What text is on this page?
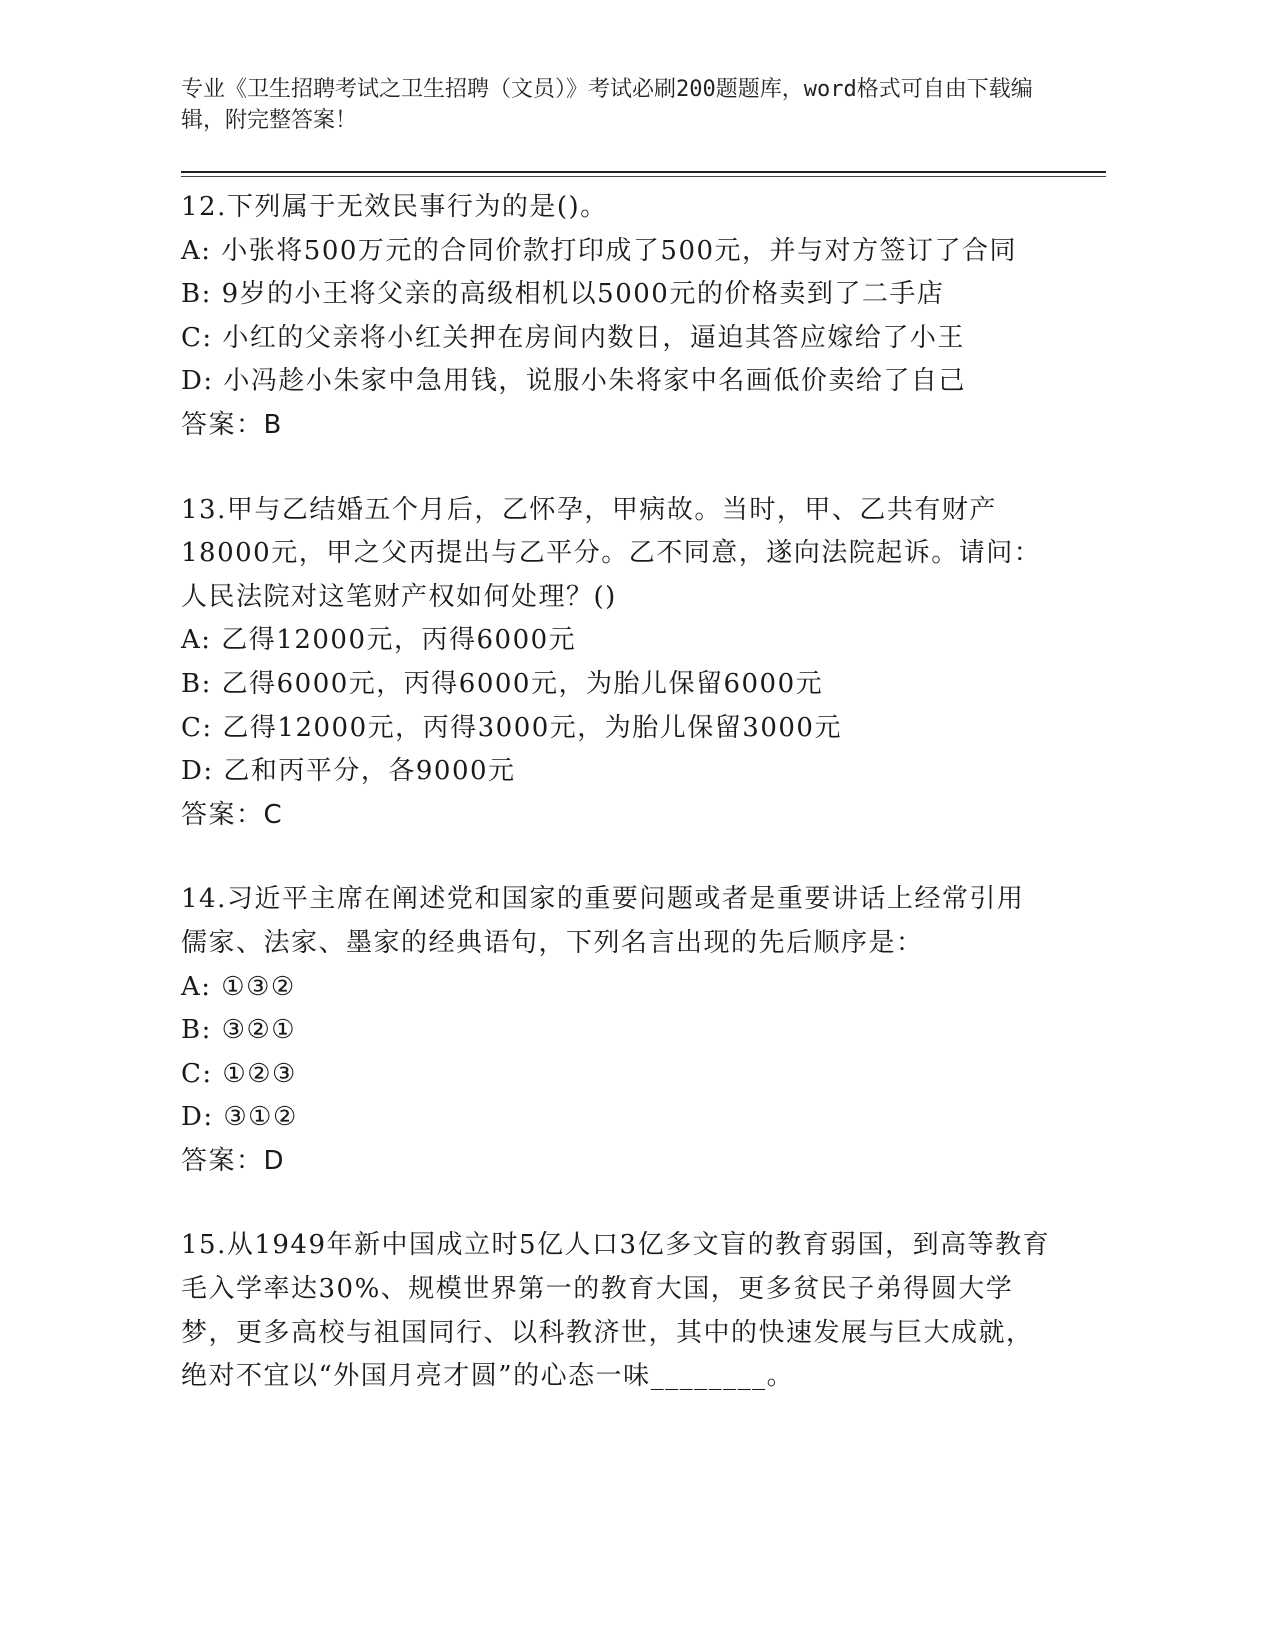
专业《卫生招聘考试之卫生招聘（文员）》考试必刷200题题库，word格式可自由下载编辑，附完整答案！

12.下列属于无效民事行为的是()。

A: 小张将500万元的合同价款打印成了500元，并与对方签订了合同

B: 9岁的小王将父亲的高级相机以5000元的价格卖到了二手店

C: 小红的父亲将小红关押在房间内数日，逼迫其答应嫁给了小王

D: 小冯趁小朱家中急用钱，说服小朱将家中名画低价卖给了自己

答案：B

13.甲与乙结婚五个月后，乙怀孕，甲病故。当时，甲、乙共有财产18000元，甲之父丙提出与乙平分。乙不同意，遂向法院起诉。请问：人民法院对这笔财产权如何处理？()

A: 乙得12000元，丙得6000元

B: 乙得6000元，丙得6000元，为胎儿保留6000元

C: 乙得12000元，丙得3000元，为胎儿保留3000元

D: 乙和丙平分，各9000元

答案：C

14.习近平主席在阐述党和国家的重要问题或者是重要讲话上经常引用儒家、法家、墨家的经典语句，下列名言出现的先后顺序是：

A: ①③②

B: ③②①

C: ①②③

D: ③①②

答案：D

15.从1949年新中国成立时5亿人口3亿多文盲的教育弱国，到高等教育毛入学率达30%、规模世界第一的教育大国，更多贫民子弟得圆大学梦，更多高校与祖国同行、以科教济世，其中的快速发展与巨大成就，绝对不宜以“外国月亮才圆”的心态一味________。
